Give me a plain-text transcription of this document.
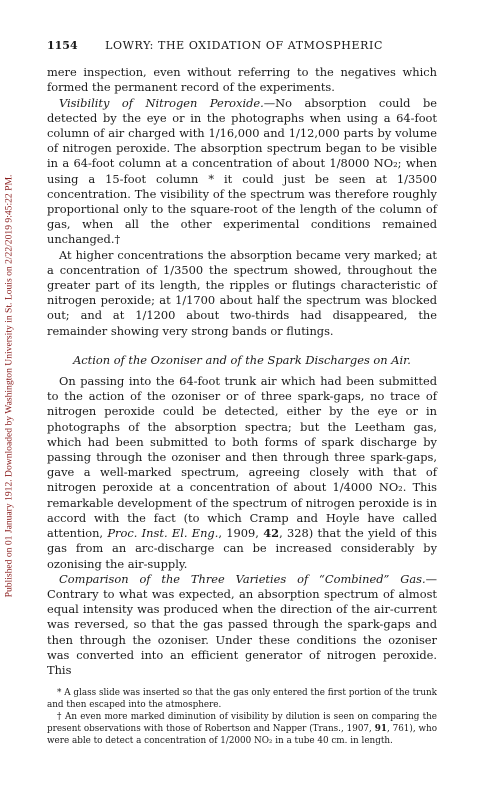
Published on 01 January 1912. Downloaded by Washington University in St. Louis on 2/22/2019 9:45:22 PM.
1154	LOWRY: THE OXIDATION OF ATMOSPHERIC

mere inspection, even without referring to the negatives which formed the permanent record of the experiments.

Visibility of Nitrogen Peroxide.—No absorption could be detected by the eye or in the photographs when using a 64-foot column of air charged with 1/16,000 and 1/12,000 parts by volume of nitrogen peroxide. The absorption spectrum began to be visible in a 64-foot column at a concentration of about 1/8000 NO₂; when using a 15-foot column * it could just be seen at 1/3500 concentration. The visibility of the spectrum was therefore roughly proportional only to the square-root of the length of the column of gas, when all the other experimental conditions remained unchanged.†

At higher concentrations the absorption became very marked; at a concentration of 1/3500 the spectrum showed, throughout the greater part of its length, the ripples or flutings characteristic of nitrogen peroxide; at 1/1700 about half the spectrum was blocked out; and at 1/1200 about two-thirds had disappeared, the remainder showing very strong bands or flutings.

Action of the Ozoniser and of the Spark Discharges on Air.

On passing into the 64-foot trunk air which had been submitted to the action of the ozoniser or of three spark-gaps, no trace of nitrogen peroxide could be detected, either by the eye or in photographs of the absorption spectra; but the Leetham gas, which had been submitted to both forms of spark discharge by passing through the ozoniser and then through three spark-gaps, gave a well-marked spectrum, agreeing closely with that of nitrogen peroxide at a concentration of about 1/4000 NO₂. This remarkable development of the spectrum of nitrogen peroxide is in accord with the fact (to which Cramp and Hoyle have called attention, Proc. Inst. El. Eng., 1909, 42, 328) that the yield of this gas from an arc-discharge can be increased considerably by ozonising the air-supply.

Comparison of the Three Varieties of “Combined” Gas.—Contrary to what was expected, an absorption spectrum of almost equal intensity was produced when the direction of the air-current was reversed, so that the gas passed through the spark-gaps and then through the ozoniser. Under these conditions the ozoniser was converted into an efficient generator of nitrogen peroxide. This

* A glass slide was inserted so that the gas only entered the first portion of the trunk and then escaped into the atmosphere.

† An even more marked diminution of visibility by dilution is seen on comparing the present observations with those of Robertson and Napper (Trans., 1907, 91, 761), who were able to detect a concentration of 1/2000 NO₂ in a tube 40 cm. in length.
